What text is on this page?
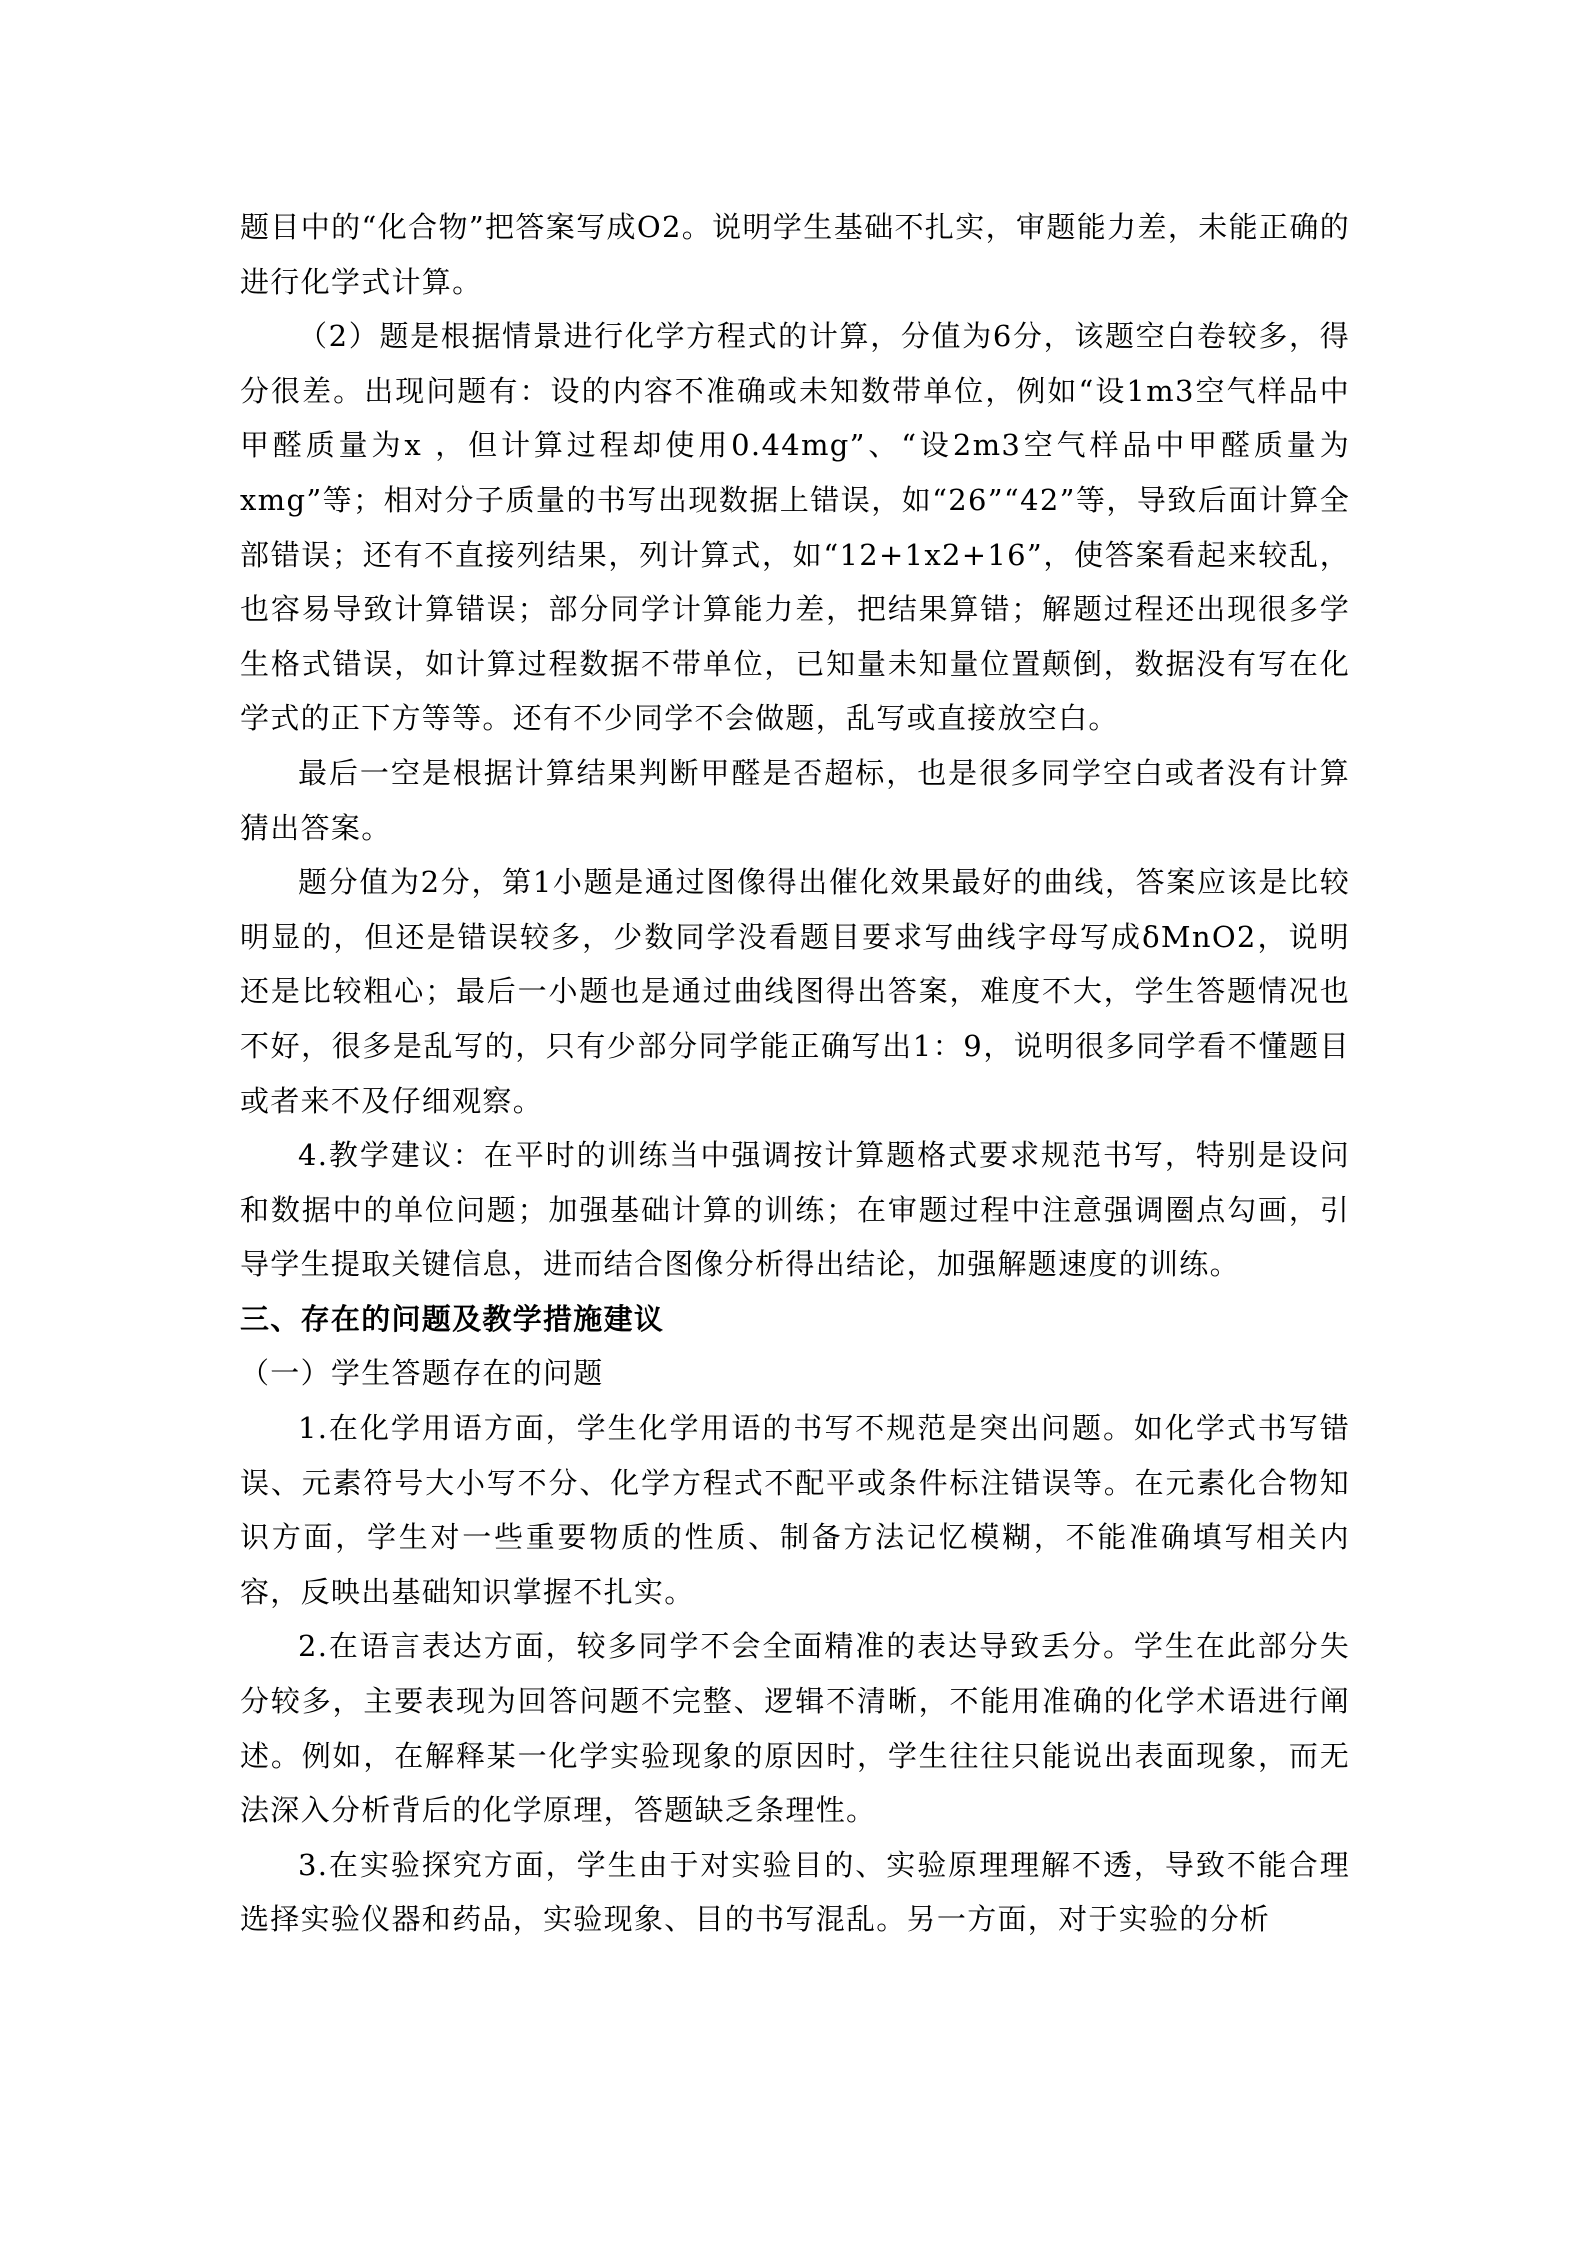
题目中的“化合物”把答案写成O2。说明学生基础不扎实，审题能力差，未能正确的进行化学式计算。

（2）题是根据情景进行化学方程式的计算，分值为6分，该题空白卷较多，得分很差。出现问题有：设的内容不准确或未知数带单位，例如“设1m3空气样品中甲醛质量为x ，但计算过程却使用0.44mg”、“设2m3空气样品中甲醛质量为xmg”等；相对分子质量的书写出现数据上错误，如“26”“42”等，导致后面计算全部错误；还有不直接列结果，列计算式，如“12+1x2+16”，使答案看起来较乱，也容易导致计算错误；部分同学计算能力差，把结果算错；解题过程还出现很多学生格式错误，如计算过程数据不带单位，已知量未知量位置颠倒，数据没有写在化学式的正下方等等。还有不少同学不会做题，乱写或直接放空白。

最后一空是根据计算结果判断甲醛是否超标，也是很多同学空白或者没有计算猜出答案。

题分值为2分，第1小题是通过图像得出催化效果最好的曲线，答案应该是比较明显的，但还是错误较多，少数同学没看题目要求写曲线字母写成δMnO2，说明还是比较粗心；最后一小题也是通过曲线图得出答案，难度不大，学生答题情况也不好，很多是乱写的，只有少部分同学能正确写出1：9，说明很多同学看不懂题目或者来不及仔细观察。

4.教学建议：在平时的训练当中强调按计算题格式要求规范书写，特别是设问和数据中的单位问题；加强基础计算的训练；在审题过程中注意强调圈点勾画，引导学生提取关键信息，进而结合图像分析得出结论，加强解题速度的训练。

三、存在的问题及教学措施建议

（一）学生答题存在的问题

1.在化学用语方面，学生化学用语的书写不规范是突出问题。如化学式书写错误、元素符号大小写不分、化学方程式不配平或条件标注错误等。在元素化合物知识方面，学生对一些重要物质的性质、制备方法记忆模糊，不能准确填写相关内容，反映出基础知识掌握不扎实。

2.在语言表达方面，较多同学不会全面精准的表达导致丢分。学生在此部分失分较多，主要表现为回答问题不完整、逻辑不清晰，不能用准确的化学术语进行阐述。例如，在解释某一化学实验现象的原因时，学生往往只能说出表面现象，而无法深入分析背后的化学原理，答题缺乏条理性。

3.在实验探究方面，学生由于对实验目的、实验原理理解不透，导致不能合理选择实验仪器和药品，实验现象、目的书写混乱。另一方面，对于实验的分析
